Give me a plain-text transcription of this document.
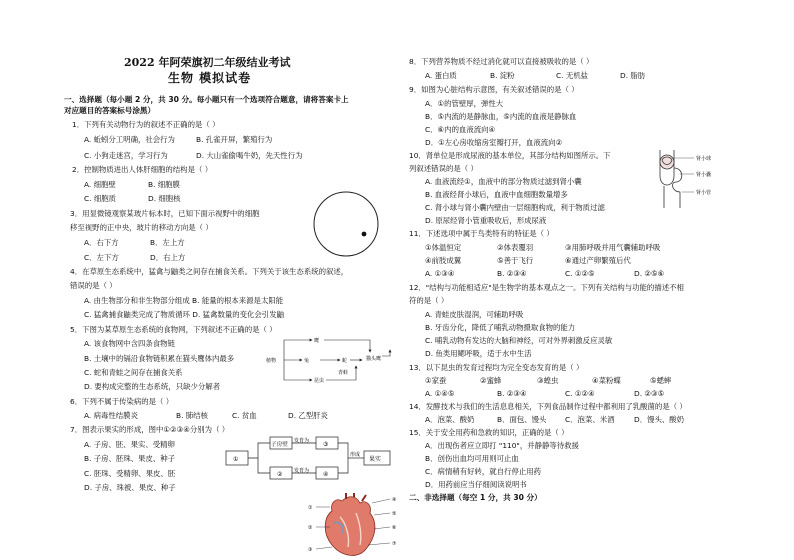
2022 年阿荣旗初二年级结业考试
生物 模拟试卷
一、选择题（每小题 2 分，共 30 分。每小题只有一个选项符合题意，请将答案卡上
对应题目的答案标号涂黑）
1．下列有关动物行为的叙述不正确的是（ ）
A. 蚯蚓分工明确，社会行为	B. 孔雀开屏，繁殖行为
C. 小狗走迷宫，学习行为	D. 大山雀偷喝牛奶，先天性行为
2．控制物质进出人体肝细胞的结构是（ ）
A. 细胞壁	B. 细胞膜
C. 细胞质	D. 细胞核
3．用显微镜观察某玻片标本时，已知下面示视野中的细胞
移至视野的正中央，玻片的移动方向是（ ）
A．右下方	B．左上方
C．左下方	D．右上方
4．在草原生态系统中，猛禽与鼬类之间存在捕食关系。下列关于该生态系统的叙述，
错误的是（ ）
A. 由生物部分和非生物部分组成 B. 能量的根本来源是太阳能
C. 猛禽捕食鼬类完成了物质循环 D. 猛禽数量的变化会引发鼬
5．下图为某草原生态系统的食物网，下列叙述不正确的是（ ）
A. 该食物网中含四条食物链
B. 土壤中的镉沿食物链积累在猫头鹰体内最多
C. 蛇和青蛙之间存在捕食关系
D. 要构成完整的生态系统，只缺少分解者
鹰
兔
植物	蛇
昆虫
青蛙
猫头鹰
6．下列不属于传染病的是（ ）
A. 病毒性结膜炎	B. 肺结核	C. 贫血	D. 乙型肝炎
7．图表示果实的形成，图中①②③④分别为（ ）
A. 子房、胚、果实、受精卵
B. 子房、胚珠、果皮、种子
C. 胚珠、受精卵、果皮、胚
D. 子房、珠被、果皮、种子
①
子房壁
②
发育为
发育为
③
形成
④
果实
①
②
③
④
⑤
⑥
⑦
8．下列营养物质不经过消化就可以直接被吸收的是（ ）
A. 蛋白质	B. 淀粉	C. 无机盐	D. 脂肪
9．如图为心脏结构示意图，有关叙述错误的是（ ）
A．①的管壁厚，弹性大
B．⑤内流的是静脉血，⑤内流的血液是静脉血
C．⑥内的血液流向④
D．①左心房收缩房室瓣打开，血液流向②
10．肾单位是形成尿液的基本单位，其部分结构如图所示。下
列叙述错误的是（ ）
A. 血液流经①，血液中的部分物质过滤到肾小囊
B. 血液经肾小球后，血液中血细胞数量增多
C. 肾小球与肾小囊内壁由一层细胞构成，利于物质过滤
D. 原尿经肾小管重吸收后，形成尿液
肾小球
肾小囊
肾小管
11．下述选项中属于鸟类特有的特征是（ ）
①体温恒定	②体表覆羽	③用肺呼吸并用气囊辅助呼吸
④前肢成翼	⑤善于飞行	⑥通过产卵繁殖后代
A. ①③④	B. ②③④	C. ①②⑤	D. ②⑤⑥
12．"结构与功能相适应"是生物学的基本观点之一。下列有关结构与功能的描述不相
符的是（ ）
A. 青蛙皮肤湿润，可辅助呼吸
B. 牙齿分化，降低了哺乳动物摄取食物的能力
C. 哺乳动物有发达的大脑和神经，可对外界刺激反应灵敏
D. 鱼类用鳃呼吸，适于水中生活
13．以下昆虫的发育过程均为完全变态发育的是（ ）
①家蚕	②蜜蜂	③蝗虫	④菜粉蝶	⑤蟋蟀
A. ①④⑤	B. ②③④	C. ①②④	D. ②③⑤
14．发酵技术与我们的生活息息相关，下列食品制作过程中都利用了乳酸菌的是（ ）
A．泡菜、酸奶	B．面包、馒头	C．泡菜、米酒	D．馒头、酸奶
15．关于安全用药和急救的知识，正确的是（ ）
A．出现伤者应立即打 "110"，并静静等待救援
B．创伤出血均可用则可止血
C．病情稍有好转，就自行停止用药
D．用药前应当仔细阅读说明书
二、非选择题（每空 1 分，共 30 分）
